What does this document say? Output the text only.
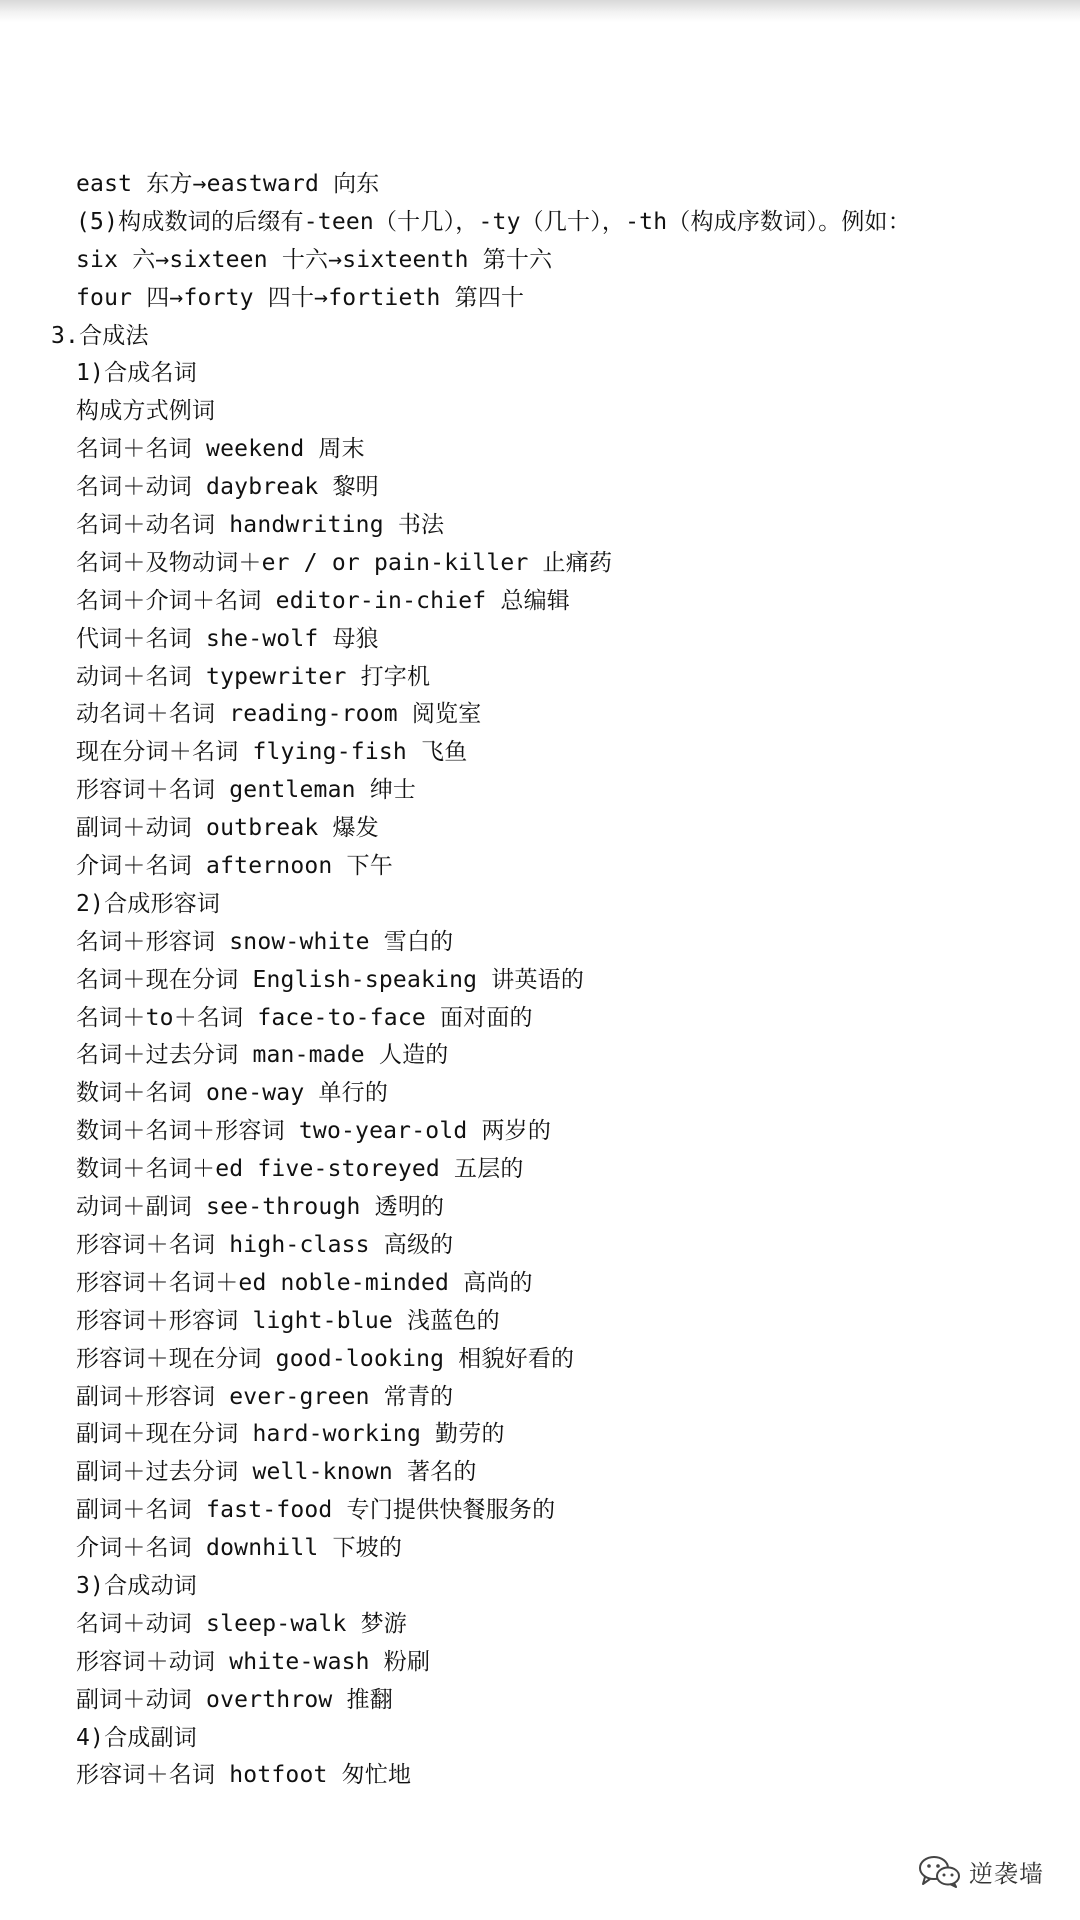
east 东方→eastward 向东
(5)构成数词的后缀有-teen（十几），-ty（几十），-th（构成序数词）。例如：
six 六→sixteen 十六→sixteenth 第十六
four 四→forty 四十→fortieth 第四十
3.合成法
1)合成名词
构成方式例词
名词＋名词 weekend 周末
名词＋动词 daybreak 黎明
名词＋动名词 handwriting 书法
名词＋及物动词＋er / or pain-killer 止痛药
名词＋介词＋名词 editor-in-chief 总编辑
代词＋名词 she-wolf 母狼
动词＋名词 typewriter 打字机
动名词＋名词 reading-room 阅览室
现在分词＋名词 flying-fish 飞鱼
形容词＋名词 gentleman 绅士
副词＋动词 outbreak 爆发
介词＋名词 afternoon 下午
2)合成形容词
名词＋形容词 snow-white 雪白的
名词＋现在分词 English-speaking 讲英语的
名词＋to＋名词 face-to-face 面对面的
名词＋过去分词 man-made 人造的
数词＋名词 one-way 单行的
数词＋名词＋形容词 two-year-old 两岁的
数词＋名词＋ed five-storeyed 五层的
动词＋副词 see-through 透明的
形容词＋名词 high-class 高级的
形容词＋名词＋ed noble-minded 高尚的
形容词＋形容词 light-blue 浅蓝色的
形容词＋现在分词 good-looking 相貌好看的
副词＋形容词 ever-green 常青的
副词＋现在分词 hard-working 勤劳的
副词＋过去分词 well-known 著名的
副词＋名词 fast-food 专门提供快餐服务的
介词＋名词 downhill 下坡的
3)合成动词
名词＋动词 sleep-walk 梦游
形容词＋动词 white-wash 粉刷
副词＋动词 overthrow 推翻
4)合成副词
形容词＋名词 hotfoot 匆忙地
逆袭墙
